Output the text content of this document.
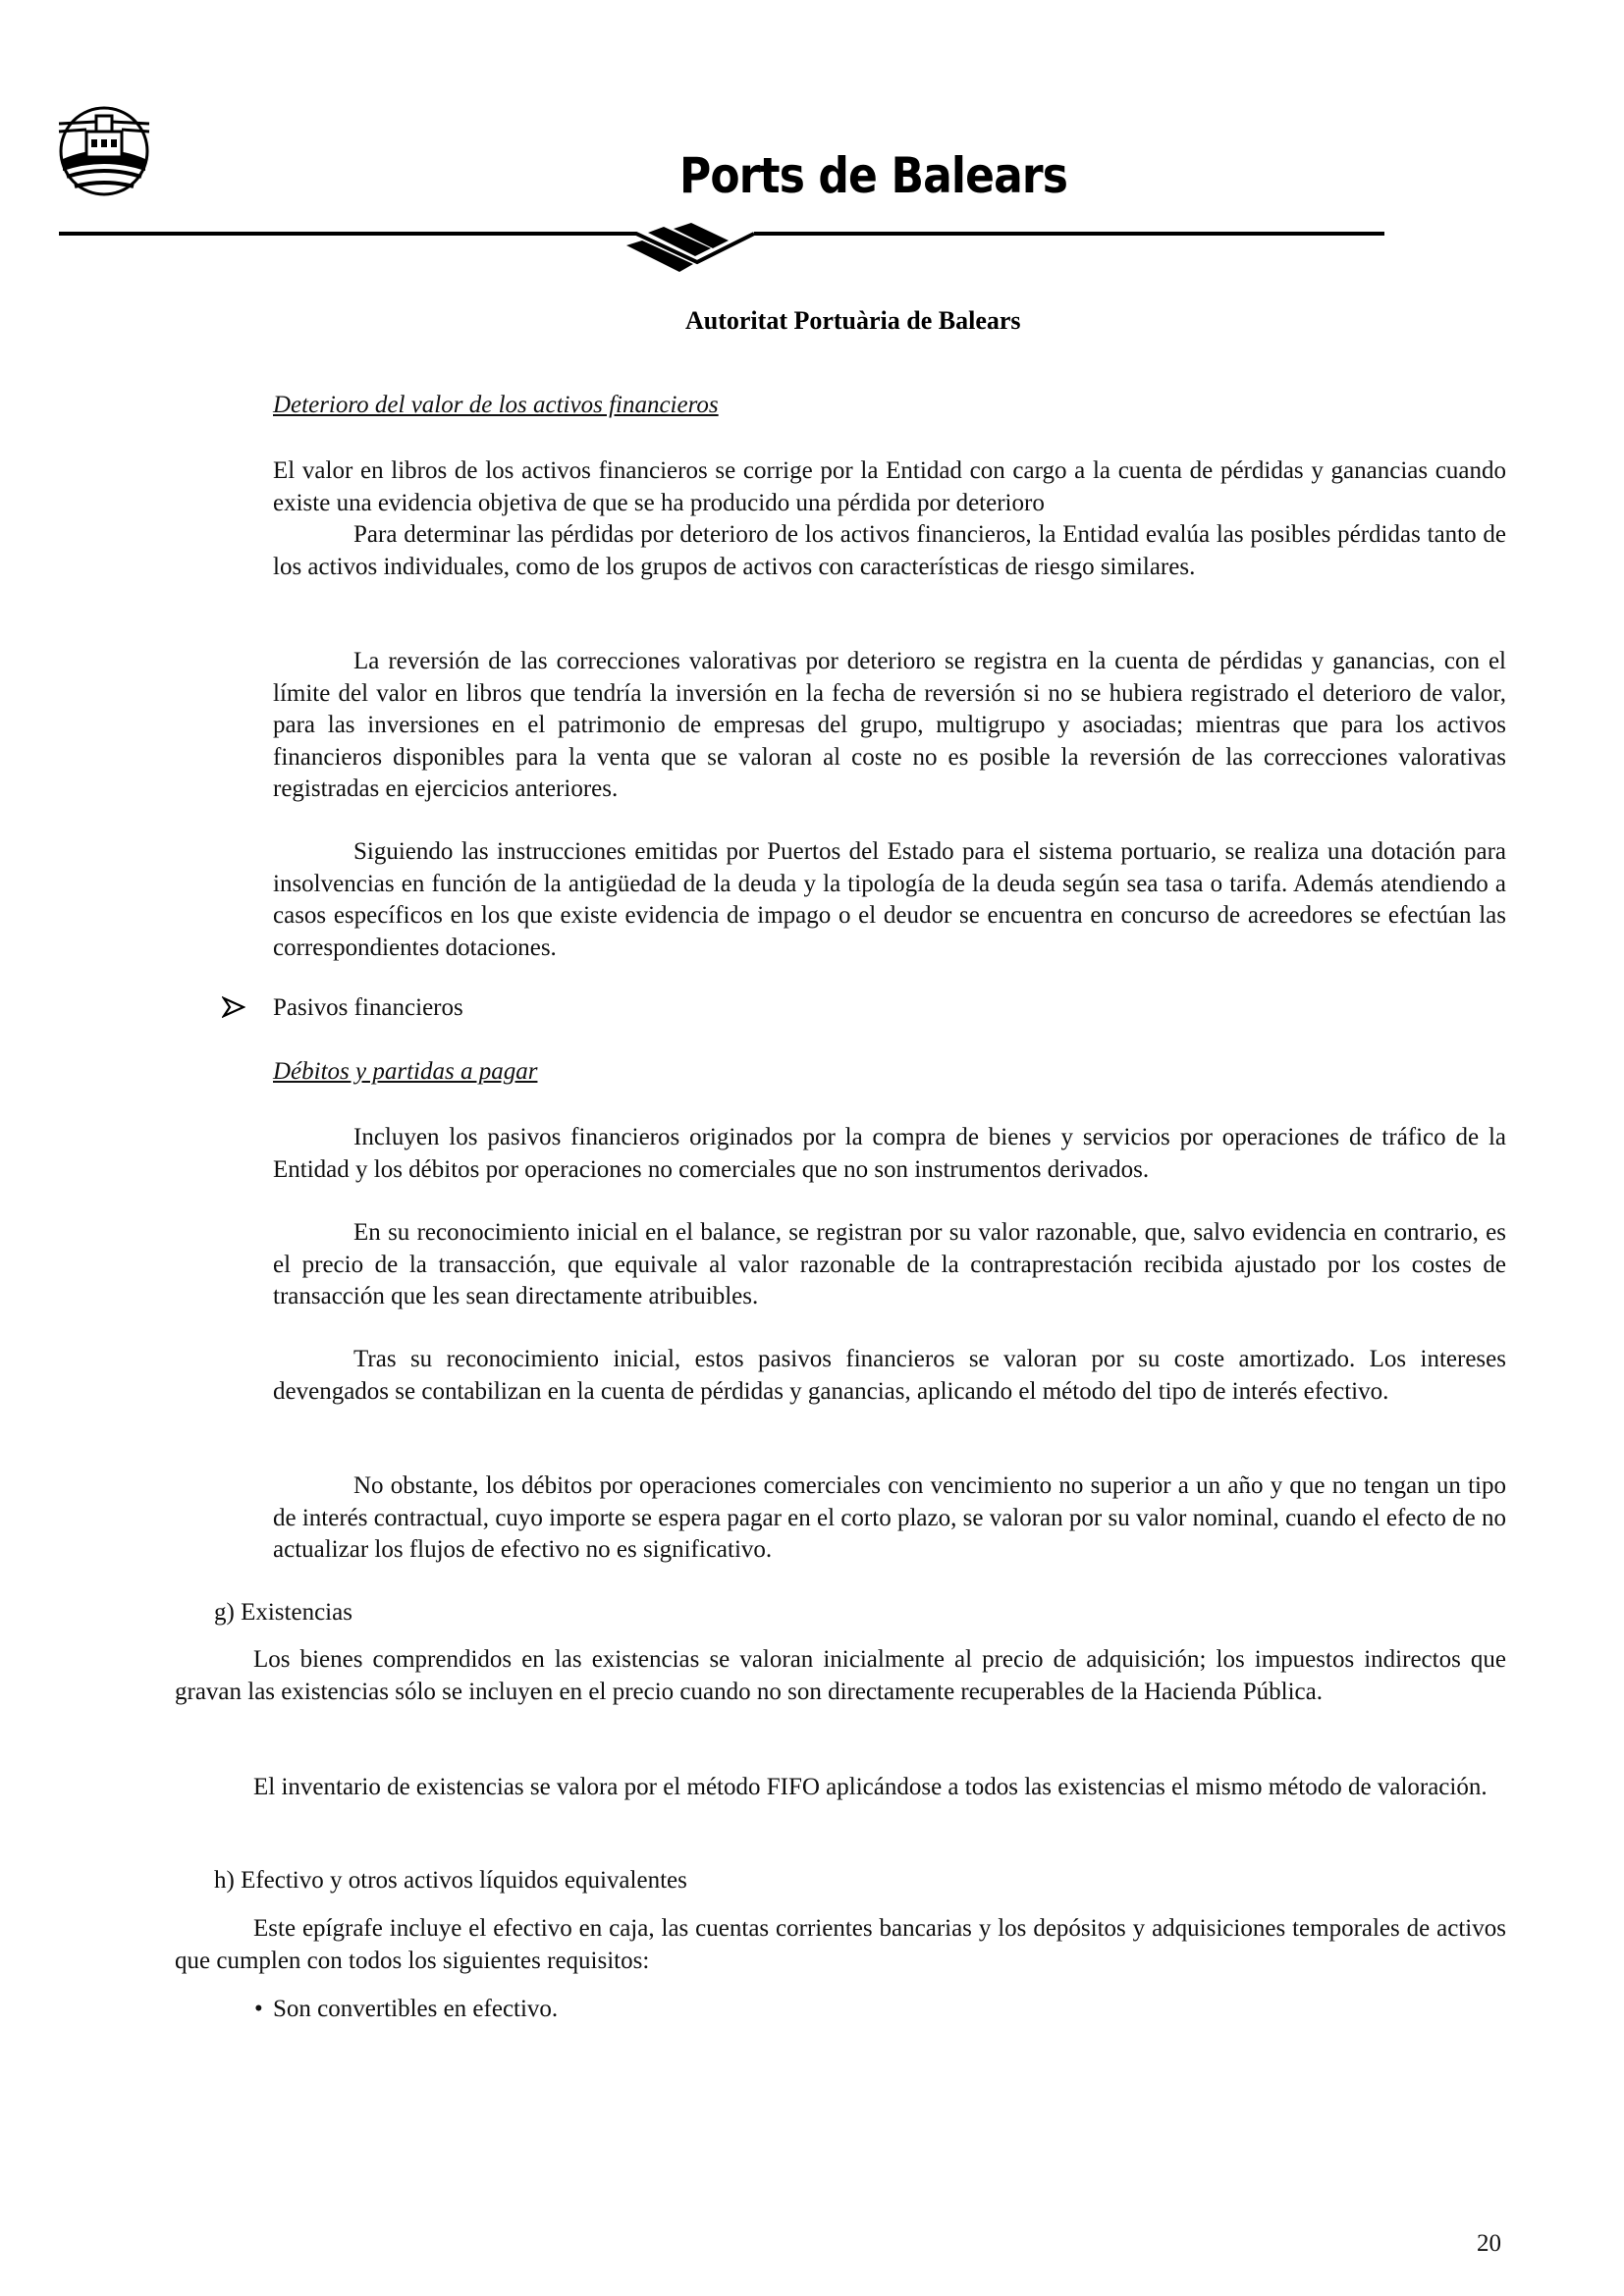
Ports de Balears
Autoritat Portuària de Balears
Deterioro del valor de los activos financieros

El valor en libros de los activos financieros se corrige por la Entidad con cargo a la cuenta de pérdidas y ganancias cuando existe una evidencia objetiva de que se ha producido una pérdida por deterioro

Para determinar las pérdidas por deterioro de los activos financieros, la Entidad evalúa las posibles pérdidas tanto de los activos individuales, como de los grupos de activos con características de riesgo similares.

La reversión de las correcciones valorativas por deterioro se registra en la cuenta de pérdidas y ganancias, con el límite del valor en libros que tendría la inversión en la fecha de reversión si no se hubiera registrado el deterioro de valor, para las inversiones en el patrimonio de empresas del grupo, multigrupo y asociadas; mientras que para los activos financieros disponibles para la venta que se valoran al coste no es posible la reversión de las correcciones valorativas registradas en ejercicios anteriores.

Siguiendo las instrucciones emitidas por Puertos del Estado para el sistema portuario, se realiza una dotación para insolvencias en función de la antigüedad de la deuda y la tipología de la deuda según sea tasa o tarifa. Además atendiendo a casos específicos en los que existe evidencia de impago o el deudor se encuentra en concurso de acreedores se efectúan las correspondientes dotaciones.

Pasivos financieros
Débitos y partidas a pagar

Incluyen los pasivos financieros originados por la compra de bienes y servicios por operaciones de tráfico de la Entidad y los débitos por operaciones no comerciales que no son instrumentos derivados.

En su reconocimiento inicial en el balance, se registran por su valor razonable, que, salvo evidencia en contrario, es el precio de la transacción, que equivale al valor razonable de la contraprestación recibida ajustado por los costes de transacción que les sean directamente atribuibles.

Tras su reconocimiento inicial, estos pasivos financieros se valoran por su coste amortizado. Los intereses devengados se contabilizan en la cuenta de pérdidas y ganancias, aplicando el método del tipo de interés efectivo.

No obstante, los débitos por operaciones comerciales con vencimiento no superior a un año y que no tengan un tipo de interés contractual, cuyo importe se espera pagar en el corto plazo, se valoran por su valor nominal, cuando el efecto de no actualizar los flujos de efectivo no es significativo.

g) Existencias

Los bienes comprendidos en las existencias se valoran inicialmente al precio de adquisición; los impuestos indirectos que gravan las existencias sólo se incluyen en el precio cuando no son directamente recuperables de la Hacienda Pública.

El inventario de existencias se valora por el método FIFO aplicándose a todos las existencias el mismo método de valoración.

h) Efectivo y otros activos líquidos equivalentes

Este epígrafe incluye el efectivo en caja, las cuentas corrientes bancarias y los depósitos y adquisiciones temporales de activos que cumplen con todos los siguientes requisitos:

• Son convertibles en efectivo.
20
